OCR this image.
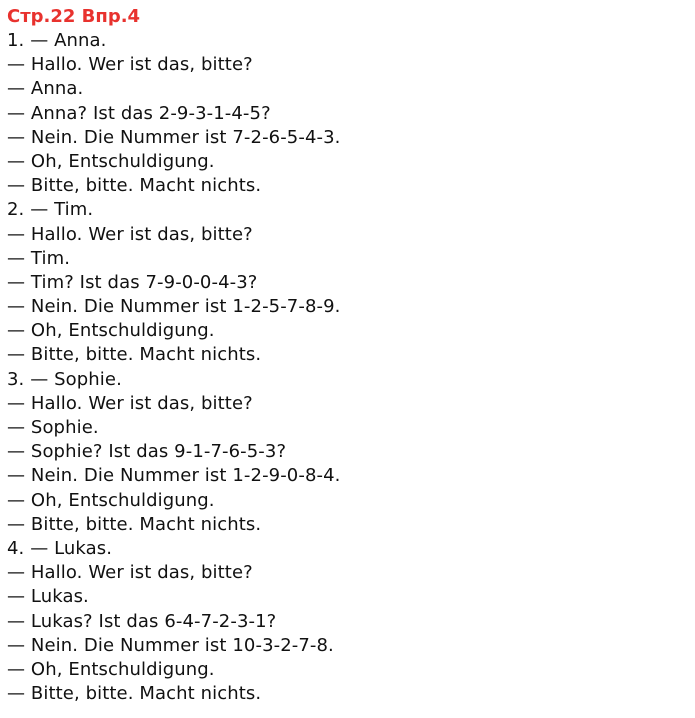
Стр.22 Впр.4
1. — Anna.
— Hallo. Wer ist das, bitte?
— Anna.
— Anna? Ist das 2-9-3-1-4-5?
— Nein. Die Nummer ist 7-2-6-5-4-3.
— Oh, Entschuldigung.
— Bitte, bitte. Macht nichts.
2. — Tim.
— Hallo. Wer ist das, bitte?
— Tim.
— Tim? Ist das 7-9-0-0-4-3?
— Nein. Die Nummer ist 1-2-5-7-8-9.
— Oh, Entschuldigung.
— Bitte, bitte. Macht nichts.
3. — Sophie.
— Hallo. Wer ist das, bitte?
— Sophie.
— Sophie? Ist das 9-1-7-6-5-3?
— Nein. Die Nummer ist 1-2-9-0-8-4.
— Oh, Entschuldigung.
— Bitte, bitte. Macht nichts.
4. — Lukas.
— Hallo. Wer ist das, bitte?
— Lukas.
— Lukas? Ist das 6-4-7-2-3-1?
— Nein. Die Nummer ist 10-3-2-7-8.
— Oh, Entschuldigung.
— Bitte, bitte. Macht nichts.
